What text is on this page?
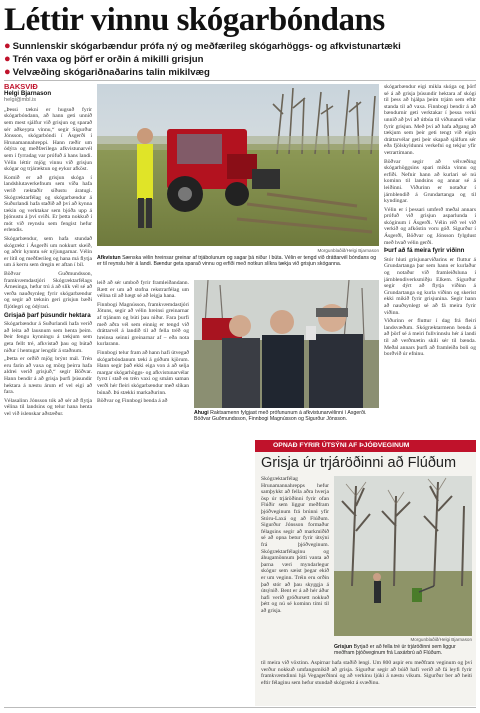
Léttir vinnu skógarbóndans
● Sunnlenskir skógarbændur prófa ný og meðfærileg skógarhöggs- og afkvistunartæki
● Trén vaxa og þörf er orðin á mikilli grisjun
● Velvæðing skógariðnaðarins talin mikilvæg
BAKSVIÐ
Helgi Bjarnason
helgi@mbl.is

„Þessi tækni er hugsuð fyrir skógarbóndann, að hann geti unnið sem mest sjálfur við grisjun og sparað sér aðkeypta vinnu,“ segir Sigurður Jónsson, skógarbóndi í Ásgerði í Hrunamannahreppi. Hann ræðir um ódýra og meðfærilega afkvistunarvél sem í fyrradag var prófuð á hans landi. Vélin léttir mjög vinnu við grisjun skógar og trjáræktun og eykur afköst.

Komið er að grisjun skóga í landshlutaverkefnum sem víða hafa verið ræktaðir síðustu áratugi. Skógræktarfélag og skógarbændur á Suðurlandi hafa staðið að því að kynna tækin og verktakar sem bjóða upp á þjónustu á því sviði. Er þetta nokkuð í mót við reynslu sem fengist hefur erlendis.

Skógarbændur, sem hafa stundað skógrækt í Ásgerði um nokkurt skeið, og aðrir kynntu sér nýjungarnar. Vélin er lítil og meðfærileg og hana má flytja um á kerru sem dregin er aftan í bíl.

Böðvar Guðmundsson, framkvæmdastjóri Skógræktarfélags Árnesinga, hefur trú á að slík vél sé að verða nauðsynleg fyrir skógarbændur og segir að tæknin geri grisjun bæði fljótlegri og ódýrari.

Grisjað þarf þúsundir hektara

Skógarbændur á Suðurlandi hafa verið að leita að lausnum sem henta þeim. Þeir fengu kynningu á tækjum sem geta fellt tré, afkvistað þau og bútað niður í hentugar lengdir á staðnum.

„Þetta er orðið mjög brýnt mál. Trén eru farin að vaxa og mörg þeirra hafa aldrei verið grisjuð,“ segir Böðvar. Hann bendir á að grisja þurfi þúsundir hektara á næstu árum ef vel eigi að fara.

Vélasalinn Jónsson tók að sér að flytja vélina til landsins og telur hana henta vel við íslenskar aðstæður.

Morgunblaðið/Helgi Bjarnason
Afkvistun Sænska vélin hreinsar greinar af trjábolunum og sagar þá niður í búta. Vélin er tengd við dráttarvél bóndans og er til reynslu hér á landi. Bændur geta sparað vinnu og erfiði með notkun slíkra tækja við grisjun skóganna.

leið að sér umboð fyrir framleiðandann. Rætt er um að stofna rekstrarfélag um vélina til að hægt sé að leigja hana.

Finnbogi Magnússon, framkvæmdastjóri Jötuns, segir að vélin hreinsi greinarnar af trjánum og búti þau niður. Fara þurfi með aðra vél sem einnig er tengd við dráttarvél á landið til að fella tréð og hreinsa seinni greinarnar af – eða nota kurlarann.

Finnbogi telur fram að hann hafi útvegað skógarbóndanum tæki á góðum kjörum. Hann segir það ekki eiga von á að selja margar skógarhöggs- og afkvistunarvélar fyrst í stað en trén vaxi og smám saman verði hér fleiri skógarbændur með slíkan búnað. Þá stækki markaðurinn.

Böðvar og Finnbogi benda á að

Áhugi Raktsamenn fylgjast með prófununum á afkvistunarvélinni í Ásgerði. Böðvar Guðmundsson, Finnbogi Magnússon og Sigurður Jónsson.

skógarbændur eigi mikla skóga og þörf sé á að grisja þúsundir hektara af skógi til þess að hjálpa þeim trjám sem eftir standa til að vaxa. Finnbogi bendir á að bændurnir geti verktakar í þessa verki unnið að því að útbúa til viðunandi vélar fyrir grisjun. Með því að hafa aðgang að tækjum sem þeir geti tengt við eigin dráttarvélar geti þeir skapað sjálfum sér eða fjölskyldunni verkefni og tekjur yfir vetrartímann.

Böðvar segir að vélvæðing skógarhöggsins spari mikla vinnu og erfiði. Nefnir hann að kurlari sé nú kominn til landsins og annar sé á leiðinni. Viðurinn er notaður í járnblendið á Grundartanga og til kyndingar.

Vélin er í þessari umferð meðal annars prófuð við grisjun asparlunda í skóginum í Ásgerði. Vélin réð vel við verkið og afköstin voru góð. Sigurður í Ásgerði, Böðvar og Jónsson fylgdust með hvað vélin gerði.

Þurf að fá meira fyrir viðinn

Stór hluti grisjunarviðarins er fluttur á Grundartanga þar sem hann er kurlaður og notaður við framleiðsluna í járnblendiverksmiðju Elkem. Sigurður segir dýrt að flytja viðinn á Grundartanga og kurla viðinn og skerist ekki mikið fyrir grisjunina. Segir hann að nauðsynlegt sé að fá meira fyrir viðinn.

Viðurinn er fluttur í dag frá fleiri landsvæðum. Skógræktarmenn benda á að þörf sé á meiri fullvinnslu hér á landi til að verðmætin skili sér til bænda. Meðal annars þurfi að framleiða boli og borðvið úr efninu.

OPNAÐ FYRIR ÚTSÝNI AF ÞJÓÐVEGINUM
Grisja úr trjáröðinni að Flúðum

Skógræktarfélag Hrunamannahrepps hefur samþykkt að fella aðra hverja ösp úr trjáröðinni fyrir ofan Flúðir sem liggur meðfram þjóðveginum frá brúnni yfir Stóru-Laxá og að Flúðum. Sigurður Jónsson formaður félagsins segir að markmiðið sé að opna betur fyrir útsýni frá þjóðveginum. Skógræktarfélaginu og áhugamönnum þótti vanta að þarna væri myndarlegur skógur sem sæist þegar ekið er um veginn. Tréin eru orðin það stór að þau skyggja á útsýnið. Bent er á að hér áður hafi verið gróðursett nokkuð þétt og nú sé kominn tími til að grisja.

Morgunblaðið/Helgi Bjarnason
Grisjun Byrjað er að fella tré úr trjáröðinni sem liggur meðfram þjóðveginum frá Laxárbrú að Flúðum.

til meira við vöxtinn. Aspirnar hafa staðið lengi. Um 800 aspir eru meðfram veginum og því verður nokkuð umfangsmikið að grisja. Sigurður segir að búið hafi verið að fá leyfi fyrir framkvæmdinni hjá Vegagerðinni og að verkinu ljúki á næstu vikum. Sigurður ber að heiti eftir félaginu sem hefur stundað skógrækt á svæðinu.
